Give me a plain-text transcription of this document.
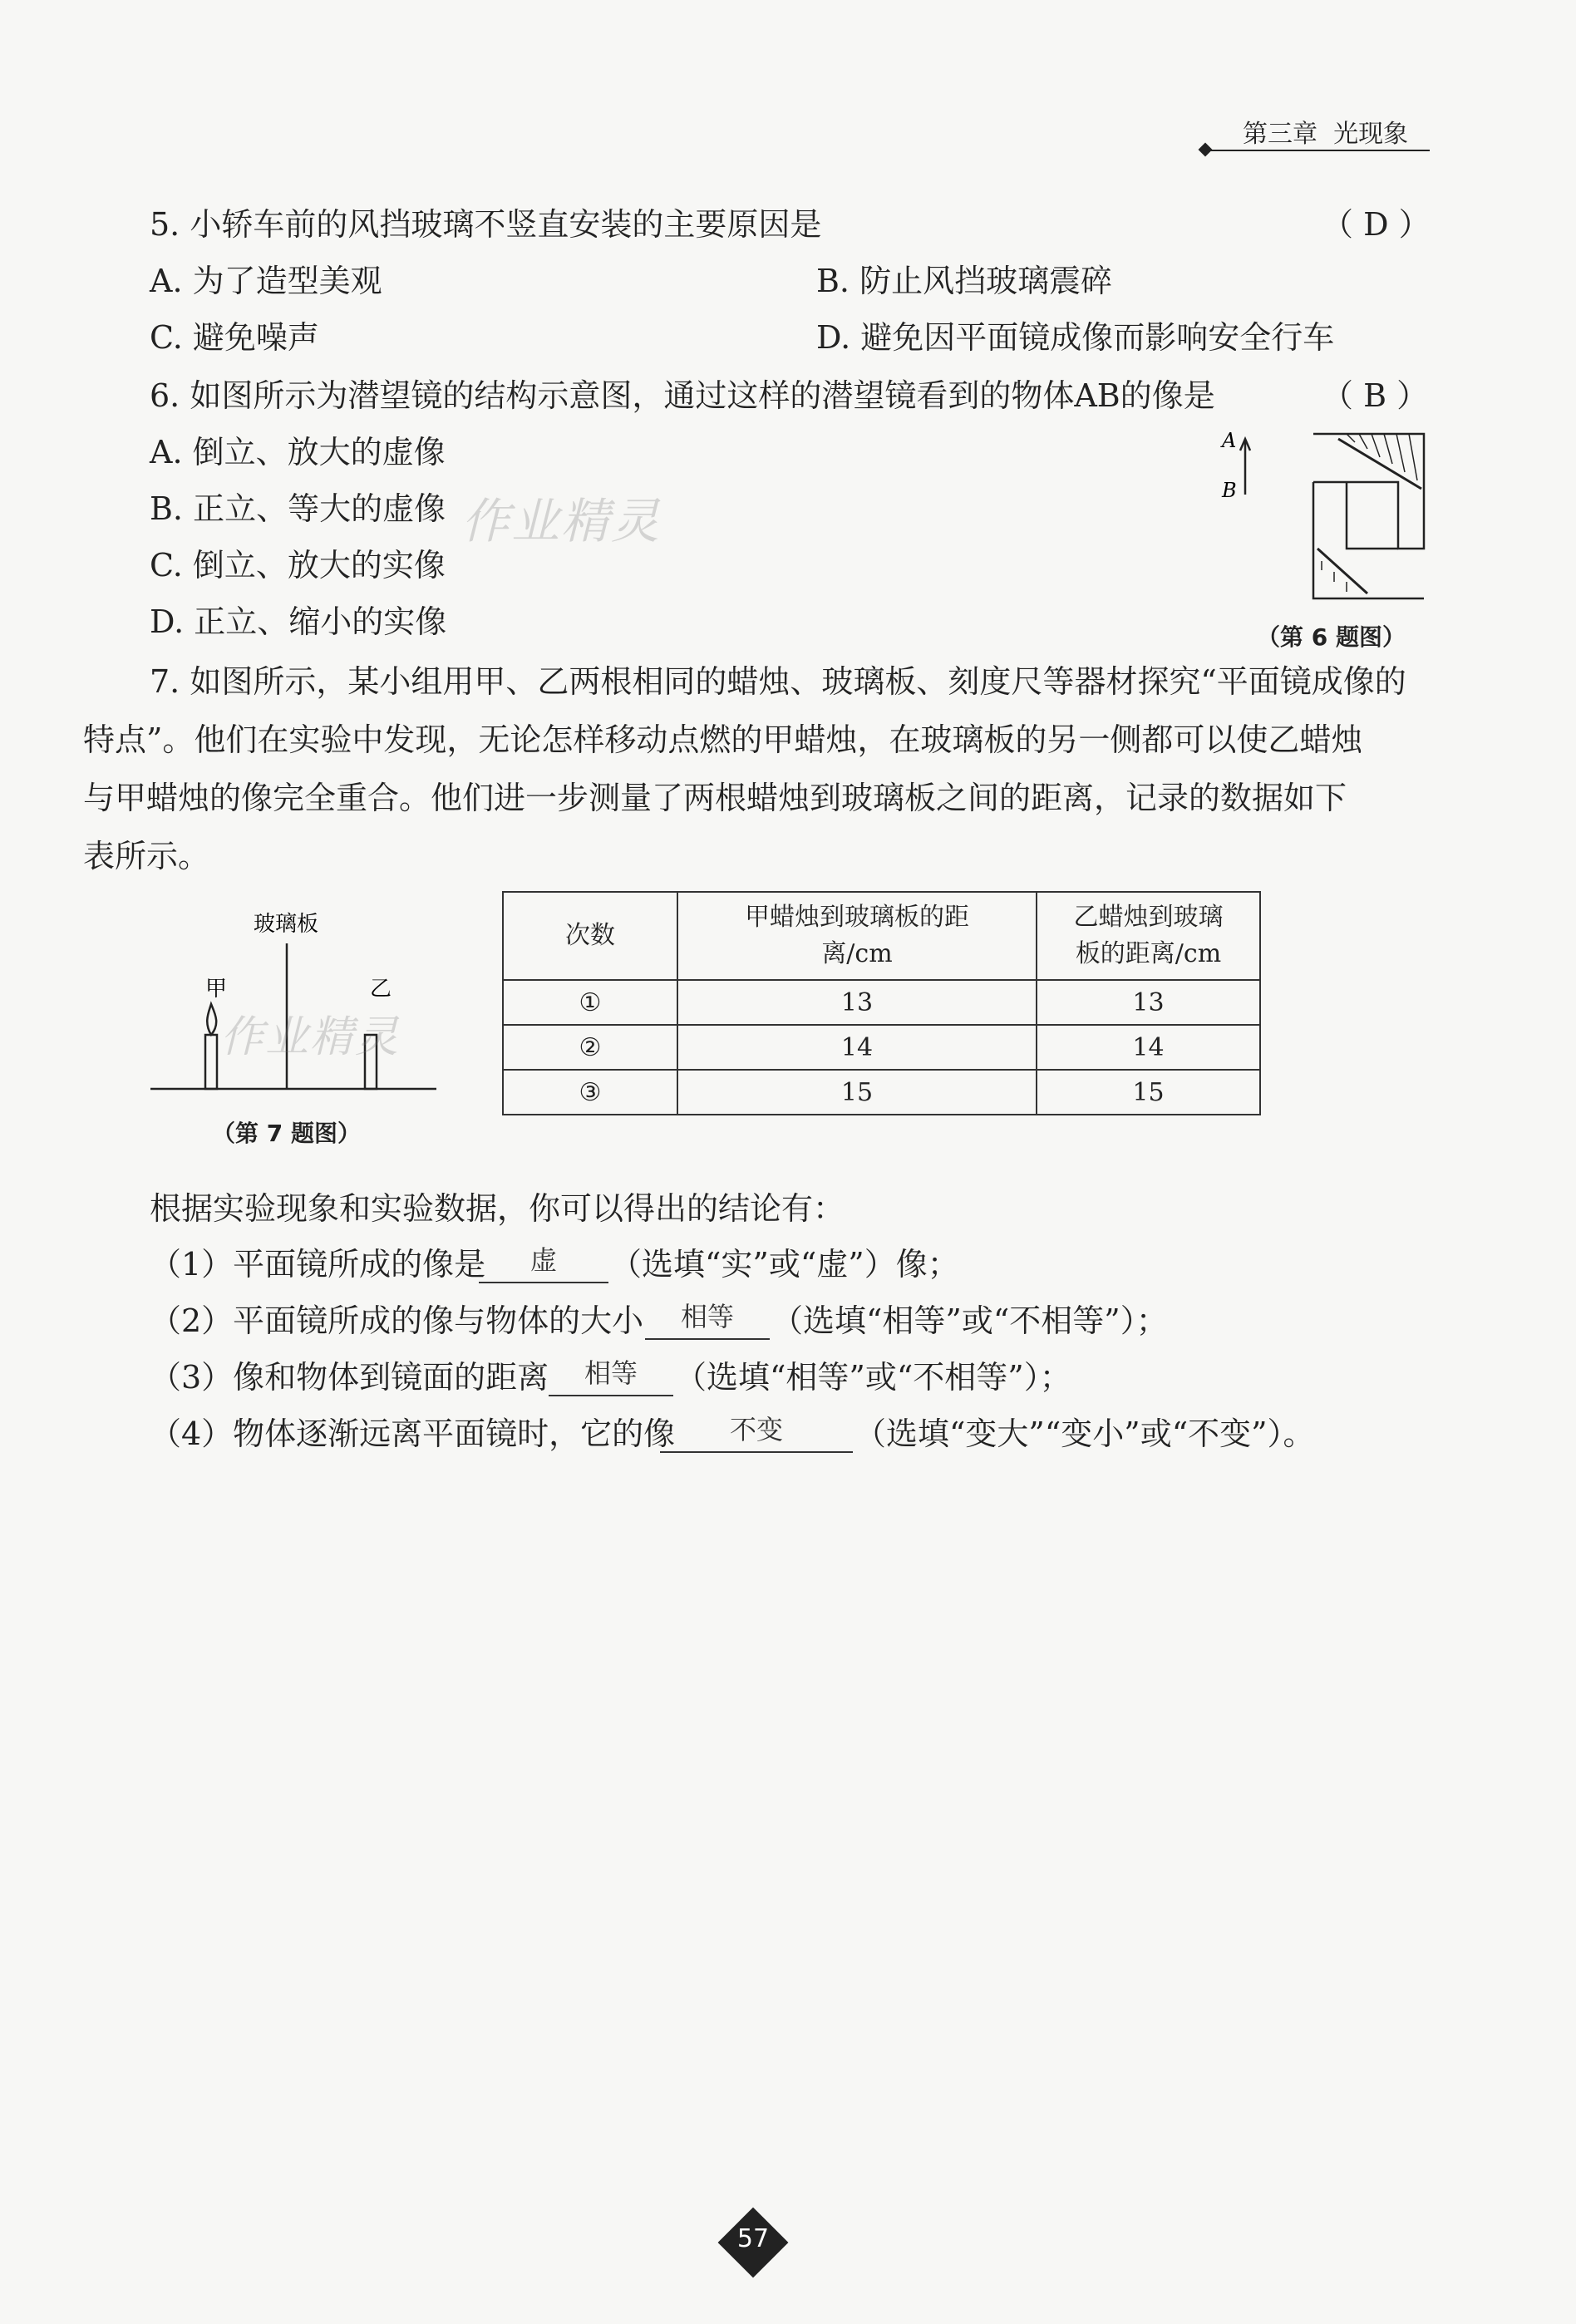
第三章 光现象
5. 小轿车前的风挡玻璃不竖直安装的主要原因是	（ D ）
A. 为了造型美观	B. 防止风挡玻璃震碎
C. 避免噪声	D. 避免因平面镜成像而影响安全行车
6. 如图所示为潜望镜的结构示意图，通过这样的潜望镜看到的物体AB的像是	（ B ）
A. 倒立、放大的虚像
B. 正立、等大的虚像
C. 倒立、放大的实像
D. 正立、缩小的实像
作业精灵
A
B
（第 6 题图）
7. 如图所示，某小组用甲、乙两根相同的蜡烛、玻璃板、刻度尺等器材探究“平面镜成像的
特点”。他们在实验中发现，无论怎样移动点燃的甲蜡烛，在玻璃板的另一侧都可以使乙蜡烛
与甲蜡烛的像完全重合。他们进一步测量了两根蜡烛到玻璃板之间的距离，记录的数据如下
表所示。
玻璃板
甲	乙
作业精灵
（第 7 题图）
次数	甲蜡烛到玻璃板的距离/cm	乙蜡烛到玻璃板的距离/cm
①	13	13
②	14	14
③	15	15
根据实验现象和实验数据，你可以得出的结论有：
（1）平面镜所成的像是	虚	（选填“实”或“虚”）像；
（2）平面镜所成的像与物体的大小	相等	（选填“相等”或“不相等”）；
（3）像和物体到镜面的距离	相等	（选填“相等”或“不相等”）；
（4）物体逐渐远离平面镜时，它的像	不变	（选填“变大”“变小”或“不变”）。
57
